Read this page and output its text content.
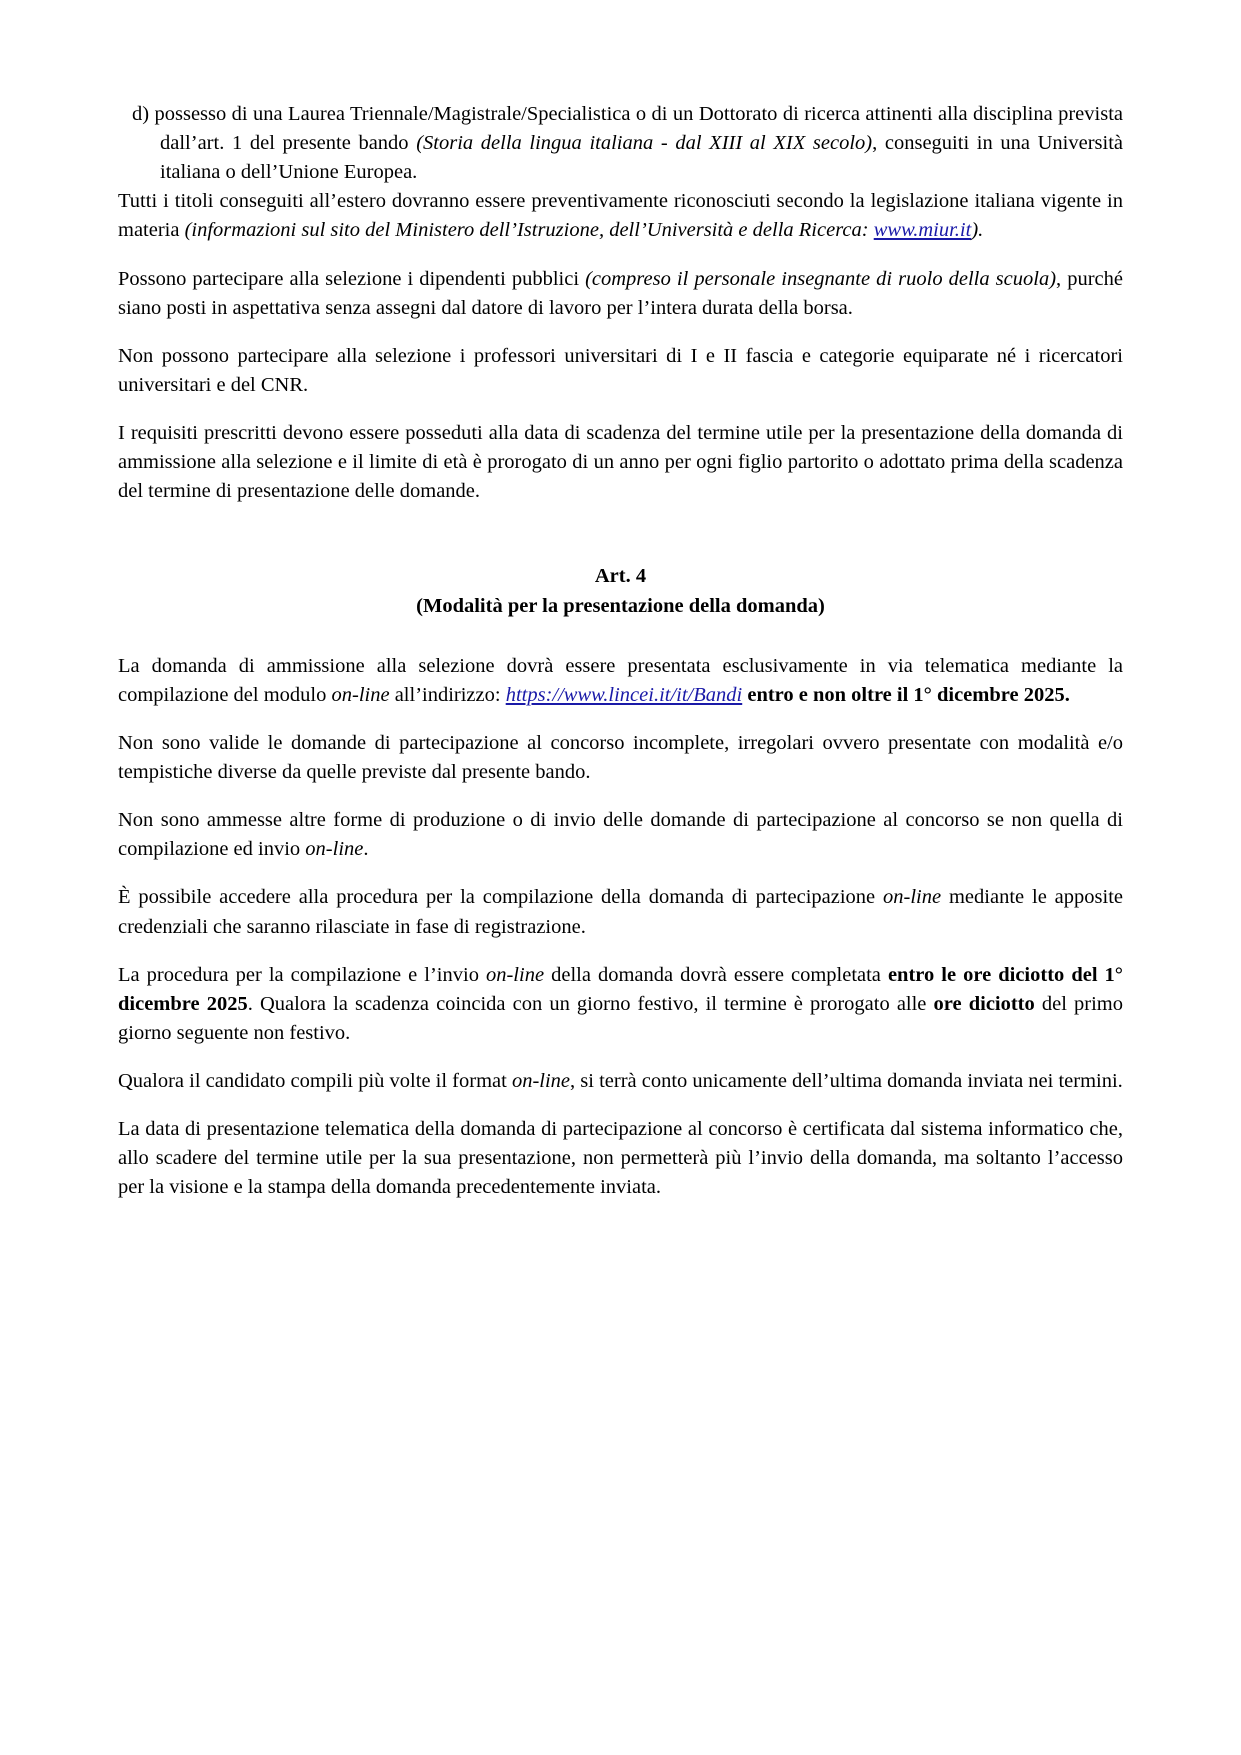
d) possesso di una Laurea Triennale/Magistrale/Specialistica o di un Dottorato di ricerca attinenti alla disciplina prevista dall’art. 1 del presente bando (Storia della lingua italiana - dal XIII al XIX secolo), conseguiti in una Università italiana o dell’Unione Europea.

Tutti i titoli conseguiti all’estero dovranno essere preventivamente riconosciuti secondo la legislazione italiana vigente in materia (informazioni sul sito del Ministero dell’Istruzione, dell’Università e della Ricerca: www.miur.it).

Possono partecipare alla selezione i dipendenti pubblici (compreso il personale insegnante di ruolo della scuola), purché siano posti in aspettativa senza assegni dal datore di lavoro per l’intera durata della borsa.

Non possono partecipare alla selezione i professori universitari di I e II fascia e categorie equiparate né i ricercatori universitari e del CNR.

I requisiti prescritti devono essere posseduti alla data di scadenza del termine utile per la presentazione della domanda di ammissione alla selezione e il limite di età è prorogato di un anno per ogni figlio partorito o adottato prima della scadenza del termine di presentazione delle domande.

Art. 4
(Modalità per la presentazione della domanda)

La domanda di ammissione alla selezione dovrà essere presentata esclusivamente in via telematica mediante la compilazione del modulo on-line all’indirizzo: https://www.lincei.it/it/Bandi entro e non oltre il 1° dicembre 2025.

Non sono valide le domande di partecipazione al concorso incomplete, irregolari ovvero presentate con modalità e/o tempistiche diverse da quelle previste dal presente bando.

Non sono ammesse altre forme di produzione o di invio delle domande di partecipazione al concorso se non quella di compilazione ed invio on-line.

È possibile accedere alla procedura per la compilazione della domanda di partecipazione on-line mediante le apposite credenziali che saranno rilasciate in fase di registrazione.

La procedura per la compilazione e l’invio on-line della domanda dovrà essere completata entro le ore diciotto del 1° dicembre 2025. Qualora la scadenza coincida con un giorno festivo, il termine è prorogato alle ore diciotto del primo giorno seguente non festivo.

Qualora il candidato compili più volte il format on-line, si terrà conto unicamente dell’ultima domanda inviata nei termini.

La data di presentazione telematica della domanda di partecipazione al concorso è certificata dal sistema informatico che, allo scadere del termine utile per la sua presentazione, non permetterà più l’invio della domanda, ma soltanto l’accesso per la visione e la stampa della domanda precedentemente inviata.
